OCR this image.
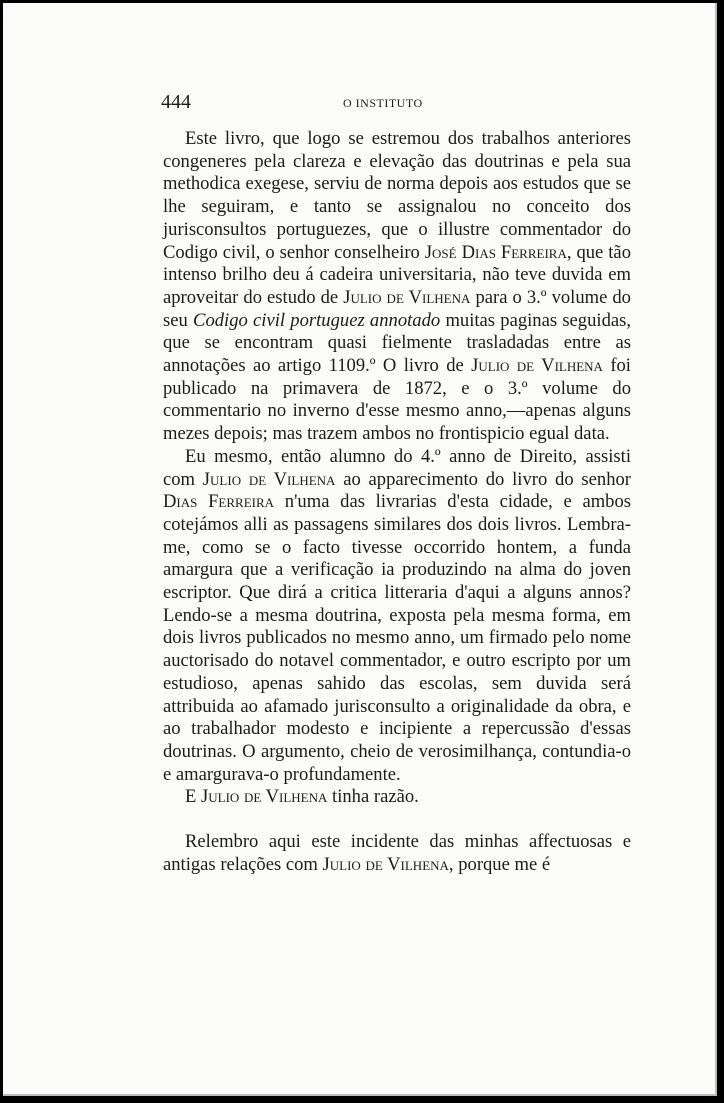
444	O INSTITUTO

Este livro, que logo se estremou dos trabalhos anteriores congeneres pela clareza e elevação das doutrinas e pela sua methodica exegese, serviu de norma depois aos estudos que se lhe seguiram, e tanto se assignalou no conceito dos jurisconsultos portuguezes, que o illustre commentador do Codigo civil, o senhor conselheiro José Dias Ferreira, que tão intenso brilho deu á cadeira universitaria, não teve duvida em aproveitar do estudo de Julio de Vilhena para o 3.º volume do seu Codigo civil portuguez annotado muitas paginas seguidas, que se encontram quasi fielmente trasladadas entre as annotações ao artigo 1109.º O livro de Julio de Vilhena foi publicado na primavera de 1872, e o 3.º volume do commentario no inverno d'esse mesmo anno,—apenas alguns mezes depois; mas trazem ambos no frontispicio egual data.

Eu mesmo, então alumno do 4.º anno de Direito, assisti com Julio de Vilhena ao apparecimento do livro do senhor Dias Ferreira n'uma das livrarias d'esta cidade, e ambos cotejámos alli as passagens similares dos dois livros. Lembra-me, como se o facto tivesse occorrido hontem, a funda amargura que a verificação ia produzindo na alma do joven escriptor. Que dirá a critica litteraria d'aqui a alguns annos? Lendo-se a mesma doutrina, exposta pela mesma forma, em dois livros publicados no mesmo anno, um firmado pelo nome auctorisado do notavel commentador, e outro escripto por um estudioso, apenas sahido das escolas, sem duvida será attribuida ao afamado jurisconsulto a originalidade da obra, e ao trabalhador modesto e incipiente a repercussão d'essas doutrinas. O argumento, cheio de verosimilhança, contundia-o e amargurava-o profundamente.

E Julio de Vilhena tinha razão.

Relembro aqui este incidente das minhas affectuosas e antigas relações com Julio de Vilhena, porque me é
